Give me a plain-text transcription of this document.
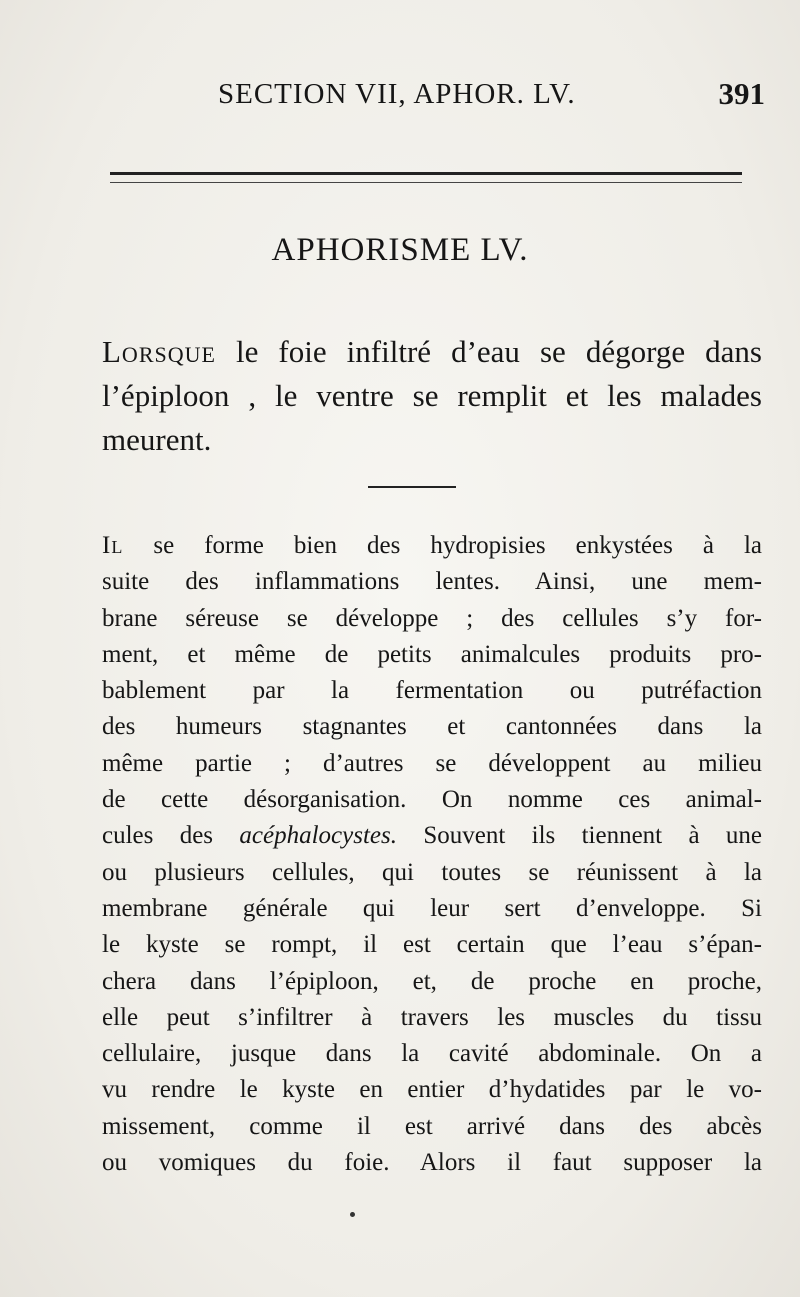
SECTION VII, APHOR. LV.	391
APHORISME LV.
Lorsque le foie infiltré d’eau se dégorge dans l’épiploon , le ventre se remplit et les malades meurent.
Il se forme bien des hydropisies enkystées à la
suite des inflammations lentes. Ainsi, une mem-
brane séreuse se développe ; des cellules s’y for-
ment, et même de petits animalcules produits pro-
bablement par la fermentation ou putréfaction
des humeurs stagnantes et cantonnées dans la
même partie ; d’autres se développent au milieu
de cette désorganisation. On nomme ces animal-
cules des acéphalocystes. Souvent ils tiennent à une
ou plusieurs cellules, qui toutes se réunissent à la
membrane générale qui leur sert d’enveloppe. Si
le kyste se rompt, il est certain que l’eau s’épan-
chera dans l’épiploon, et, de proche en proche,
elle peut s’infiltrer à travers les muscles du tissu
cellulaire, jusque dans la cavité abdominale. On a
vu rendre le kyste en entier d’hydatides par le vo-
missement, comme il est arrivé dans des abcès
ou vomiques du foie. Alors il faut supposer la
